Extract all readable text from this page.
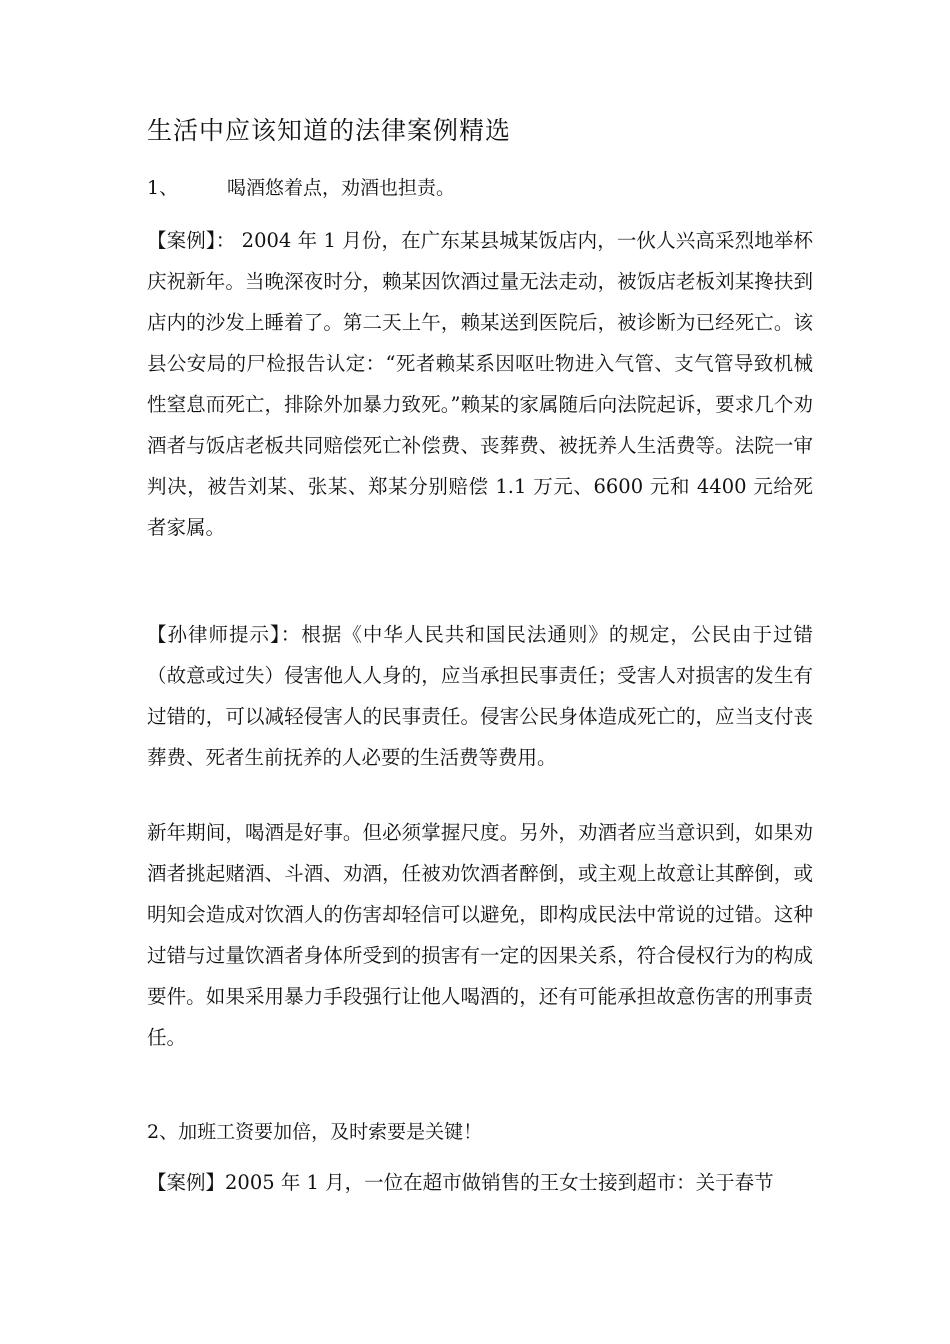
生活中应该知道的法律案例精选
1、	喝酒悠着点，劝酒也担责。

【案例】： 2004 年 1 月份，在广东某县城某饭店内，一伙人兴高采烈地举杯庆祝新年。当晚深夜时分，赖某因饮酒过量无法走动，被饭店老板刘某搀扶到店内的沙发上睡着了。第二天上午，赖某送到医院后，被诊断为已经死亡。该县公安局的尸检报告认定：“死者赖某系因呕吐物进入气管、支气管导致机械性窒息而死亡，排除外加暴力致死。”赖某的家属随后向法院起诉，要求几个劝酒者与饭店老板共同赔偿死亡补偿费、丧葬费、被抚养人生活费等。法院一审判决，被告刘某、张某、郑某分别赔偿 1.1 万元、6600 元和 4400 元给死者家属。

【孙律师提示】：根据《中华人民共和国民法通则》的规定，公民由于过错（故意或过失）侵害他人人身的，应当承担民事责任；受害人对损害的发生有过错的，可以减轻侵害人的民事责任。侵害公民身体造成死亡的，应当支付丧葬费、死者生前抚养的人必要的生活费等费用。

新年期间，喝酒是好事。但必须掌握尺度。另外，劝酒者应当意识到，如果劝酒者挑起赌酒、斗酒、劝酒，任被劝饮酒者醉倒，或主观上故意让其醉倒，或明知会造成对饮酒人的伤害却轻信可以避免，即构成民法中常说的过错。这种过错与过量饮酒者身体所受到的损害有一定的因果关系，符合侵权行为的构成要件。如果采用暴力手段强行让他人喝酒的，还有可能承担故意伤害的刑事责任。

2、加班工资要加倍，及时索要是关键！

【案例】2005 年 1 月，一位在超市做销售的王女士接到超市：关于春节
